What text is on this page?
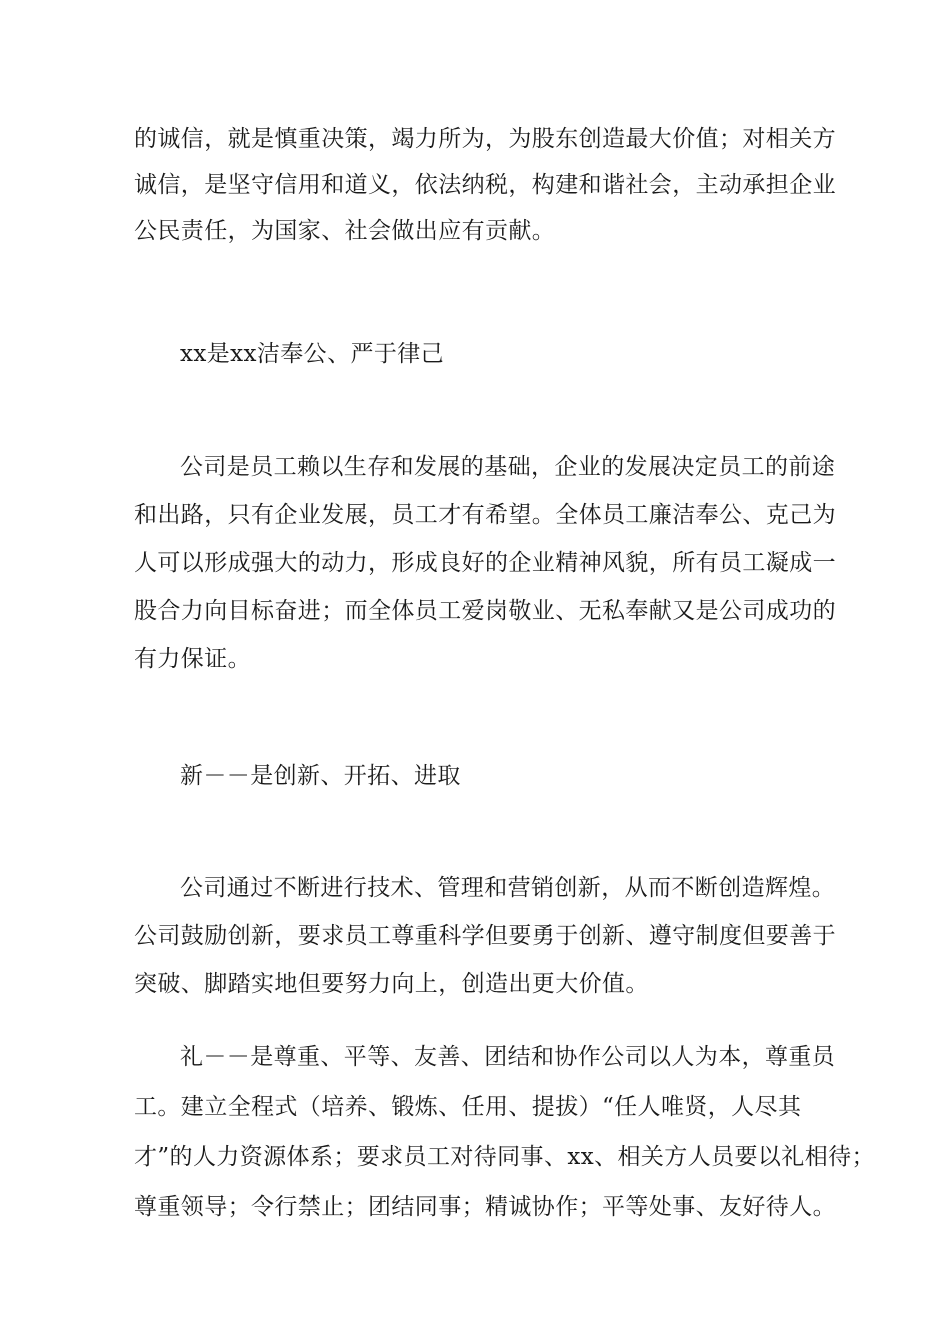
的诚信，就是慎重决策，竭力所为，为股东创造最大价值；对相关方
诚信，是坚守信用和道义，依法纳税，构建和谐社会，主动承担企业
公民责任，为国家、社会做出应有贡献。
xx是xx洁奉公、严于律己
公司是员工赖以生存和发展的基础，企业的发展决定员工的前途
和出路，只有企业发展，员工才有希望。全体员工廉洁奉公、克己为
人可以形成强大的动力，形成良好的企业精神风貌，所有员工凝成一
股合力向目标奋进；而全体员工爱岗敬业、无私奉献又是公司成功的
有力保证。
新－－是创新、开拓、进取
公司通过不断进行技术、管理和营销创新，从而不断创造辉煌。
公司鼓励创新，要求员工尊重科学但要勇于创新、遵守制度但要善于
突破、脚踏实地但要努力向上，创造出更大价值。
礼－－是尊重、平等、友善、团结和协作公司以人为本，尊重员
工。建立全程式（培养、锻炼、任用、提拔）“任人唯贤，人尽其
才”的人力资源体系；要求员工对待同事、xx、相关方人员要以礼相待；
尊重领导；令行禁止；团结同事；精诚协作；平等处事、友好待人。
